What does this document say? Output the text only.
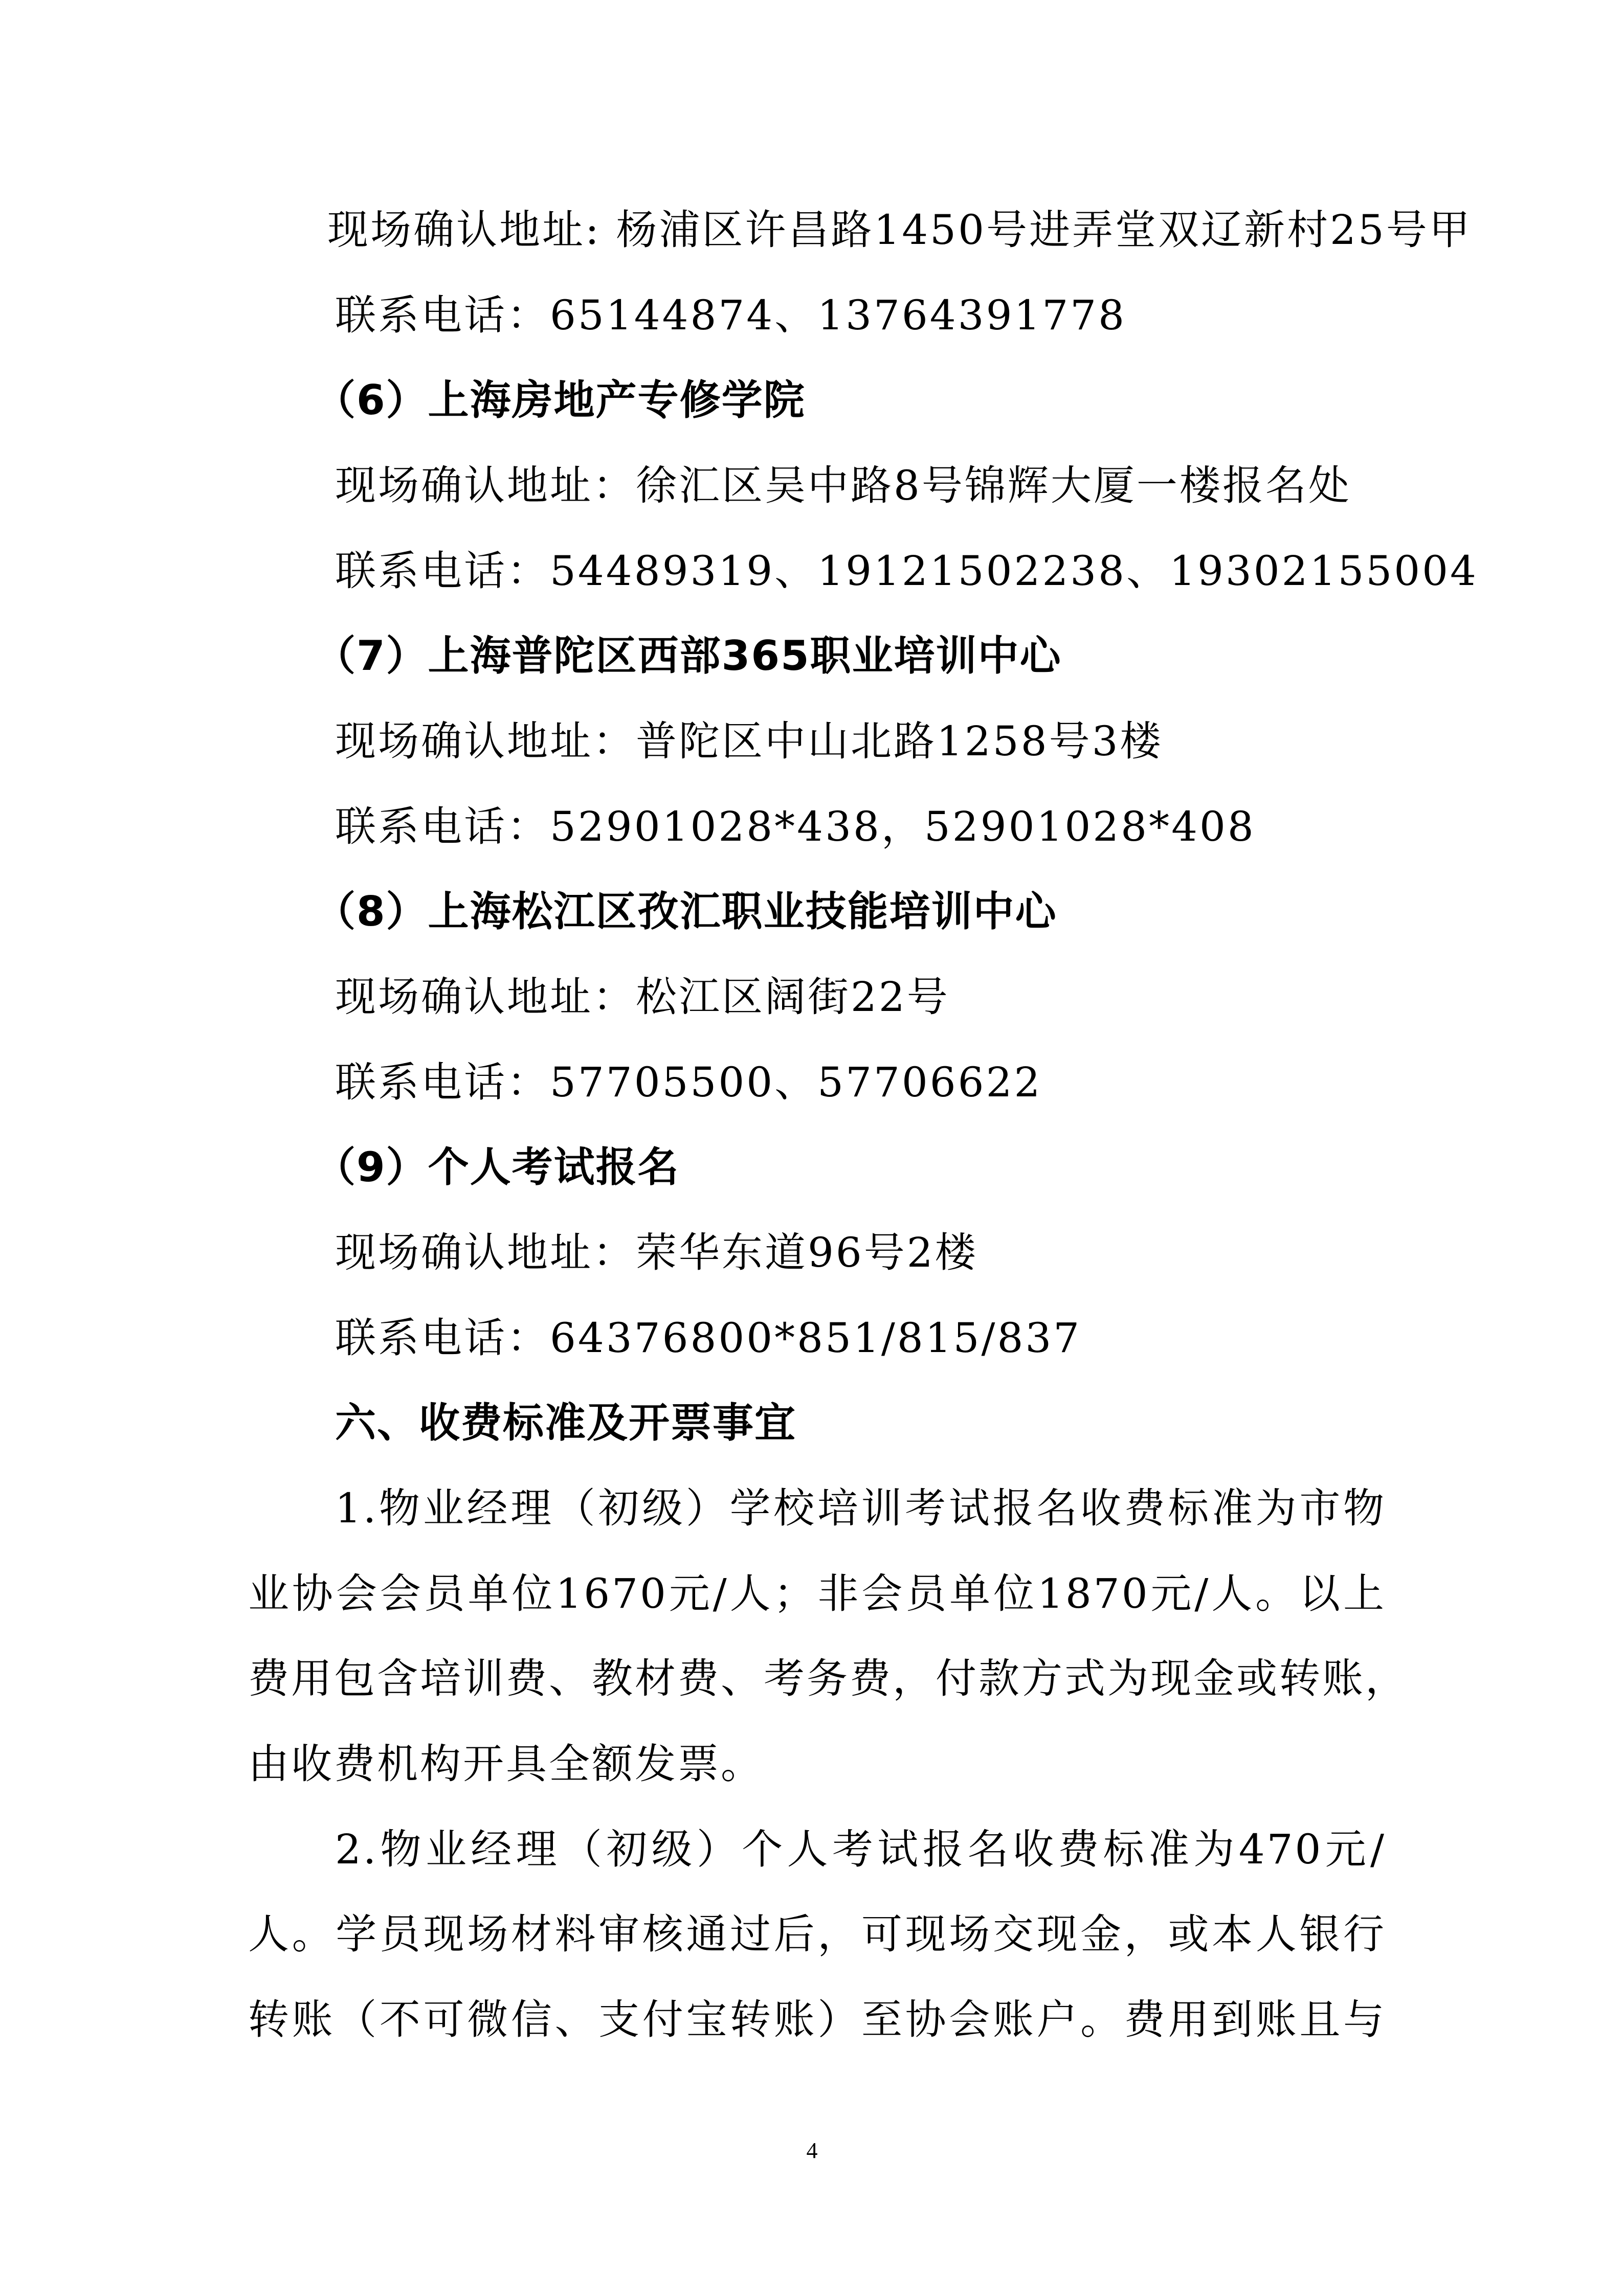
现场确认地址: 杨浦区许昌路1450号进弄堂双辽新村25号甲
联系电话：65144874、13764391778
（6）上海房地产专修学院
现场确认地址：徐汇区吴中路8号锦辉大厦一楼报名处
联系电话：54489319、19121502238、19302155004
（7）上海普陀区西部365职业培训中心
现场确认地址：普陀区中山北路1258号3楼
联系电话：52901028*438，52901028*408
（8）上海松江区孜汇职业技能培训中心
现场确认地址：松江区阔街22号
联系电话：57705500、57706622
（9）个人考试报名
现场确认地址：荣华东道96号2楼
联系电话：64376800*851/815/837
六、收费标准及开票事宜
1.物业经理（初级）学校培训考试报名收费标准为市物
业协会会员单位1670元/人；非会员单位1870元/人。以上
费用包含培训费、教材费、考务费，付款方式为现金或转账，
由收费机构开具全额发票。
2.物业经理（初级）个人考试报名收费标准为470元/
人。学员现场材料审核通过后，可现场交现金，或本人银行
转账（不可微信、支付宝转账）至协会账户。费用到账且与
4
